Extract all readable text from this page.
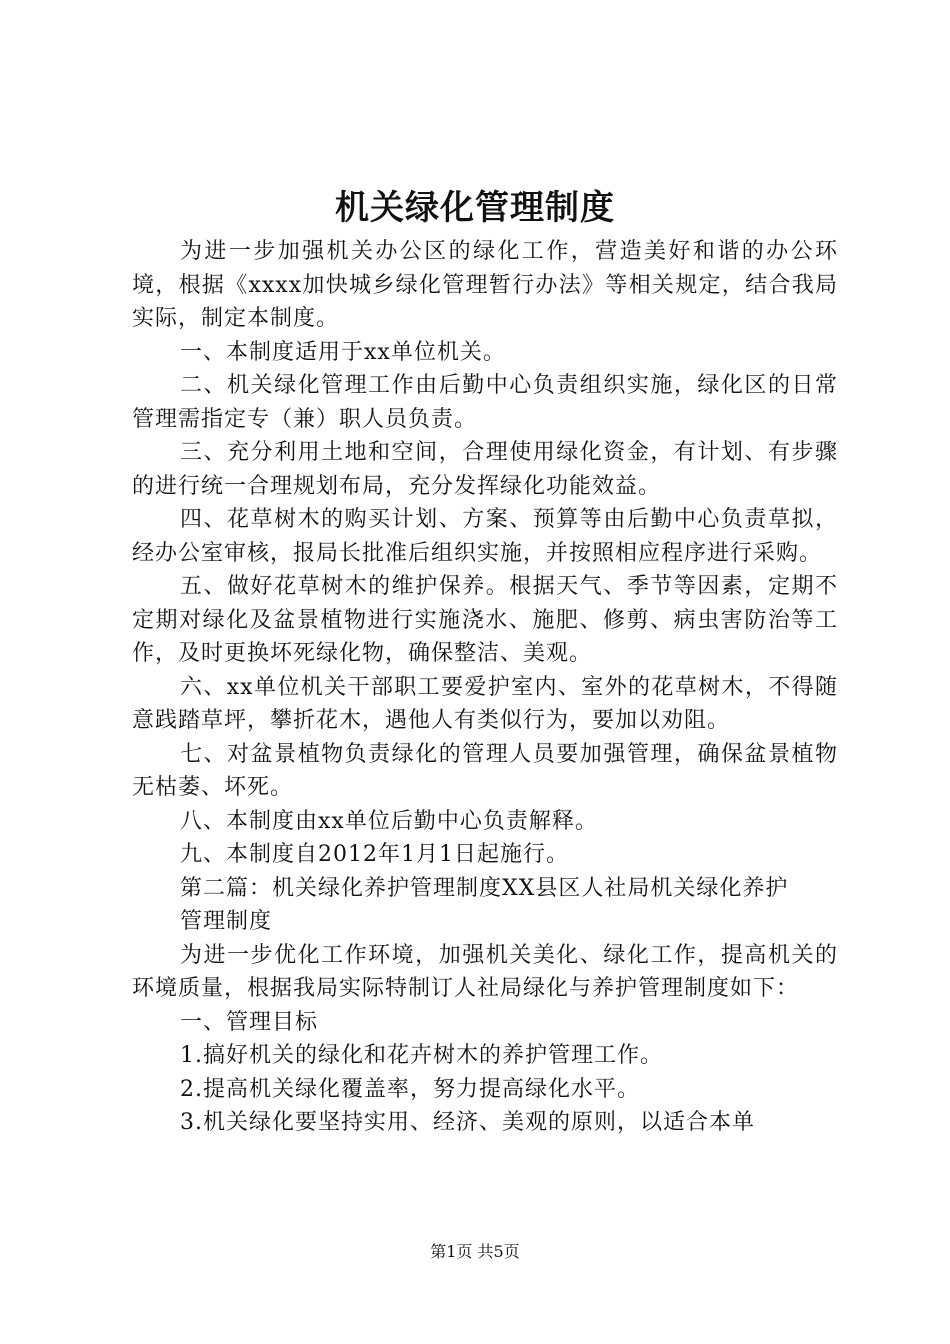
机关绿化管理制度

为进一步加强机关办公区的绿化工作，营造美好和谐的办公环境，根据《xxxx加快城乡绿化管理暂行办法》等相关规定，结合我局实际，制定本制度。

一、本制度适用于xx单位机关。

二、机关绿化管理工作由后勤中心负责组织实施，绿化区的日常管理需指定专（兼）职人员负责。

三、充分利用土地和空间，合理使用绿化资金，有计划、有步骤的进行统一合理规划布局，充分发挥绿化功能效益。

四、花草树木的购买计划、方案、预算等由后勤中心负责草拟，经办公室审核，报局长批准后组织实施，并按照相应程序进行采购。

五、做好花草树木的维护保养。根据天气、季节等因素，定期不定期对绿化及盆景植物进行实施浇水、施肥、修剪、病虫害防治等工作，及时更换坏死绿化物，确保整洁、美观。

六、xx单位机关干部职工要爱护室内、室外的花草树木，不得随意践踏草坪，攀折花木，遇他人有类似行为，要加以劝阻。

七、对盆景植物负责绿化的管理人员要加强管理，确保盆景植物无枯萎、坏死。

八、本制度由xx单位后勤中心负责解释。

九、本制度自2012年1月1日起施行。

第二篇：机关绿化养护管理制度XX县区人社局机关绿化养护

管理制度

为进一步优化工作环境，加强机关美化、绿化工作，提高机关的环境质量，根据我局实际特制订人社局绿化与养护管理制度如下：

一、管理目标

1.搞好机关的绿化和花卉树木的养护管理工作。

2.提高机关绿化覆盖率，努力提高绿化水平。

3.机关绿化要坚持实用、经济、美观的原则，以适合本单

第1页 共5页
